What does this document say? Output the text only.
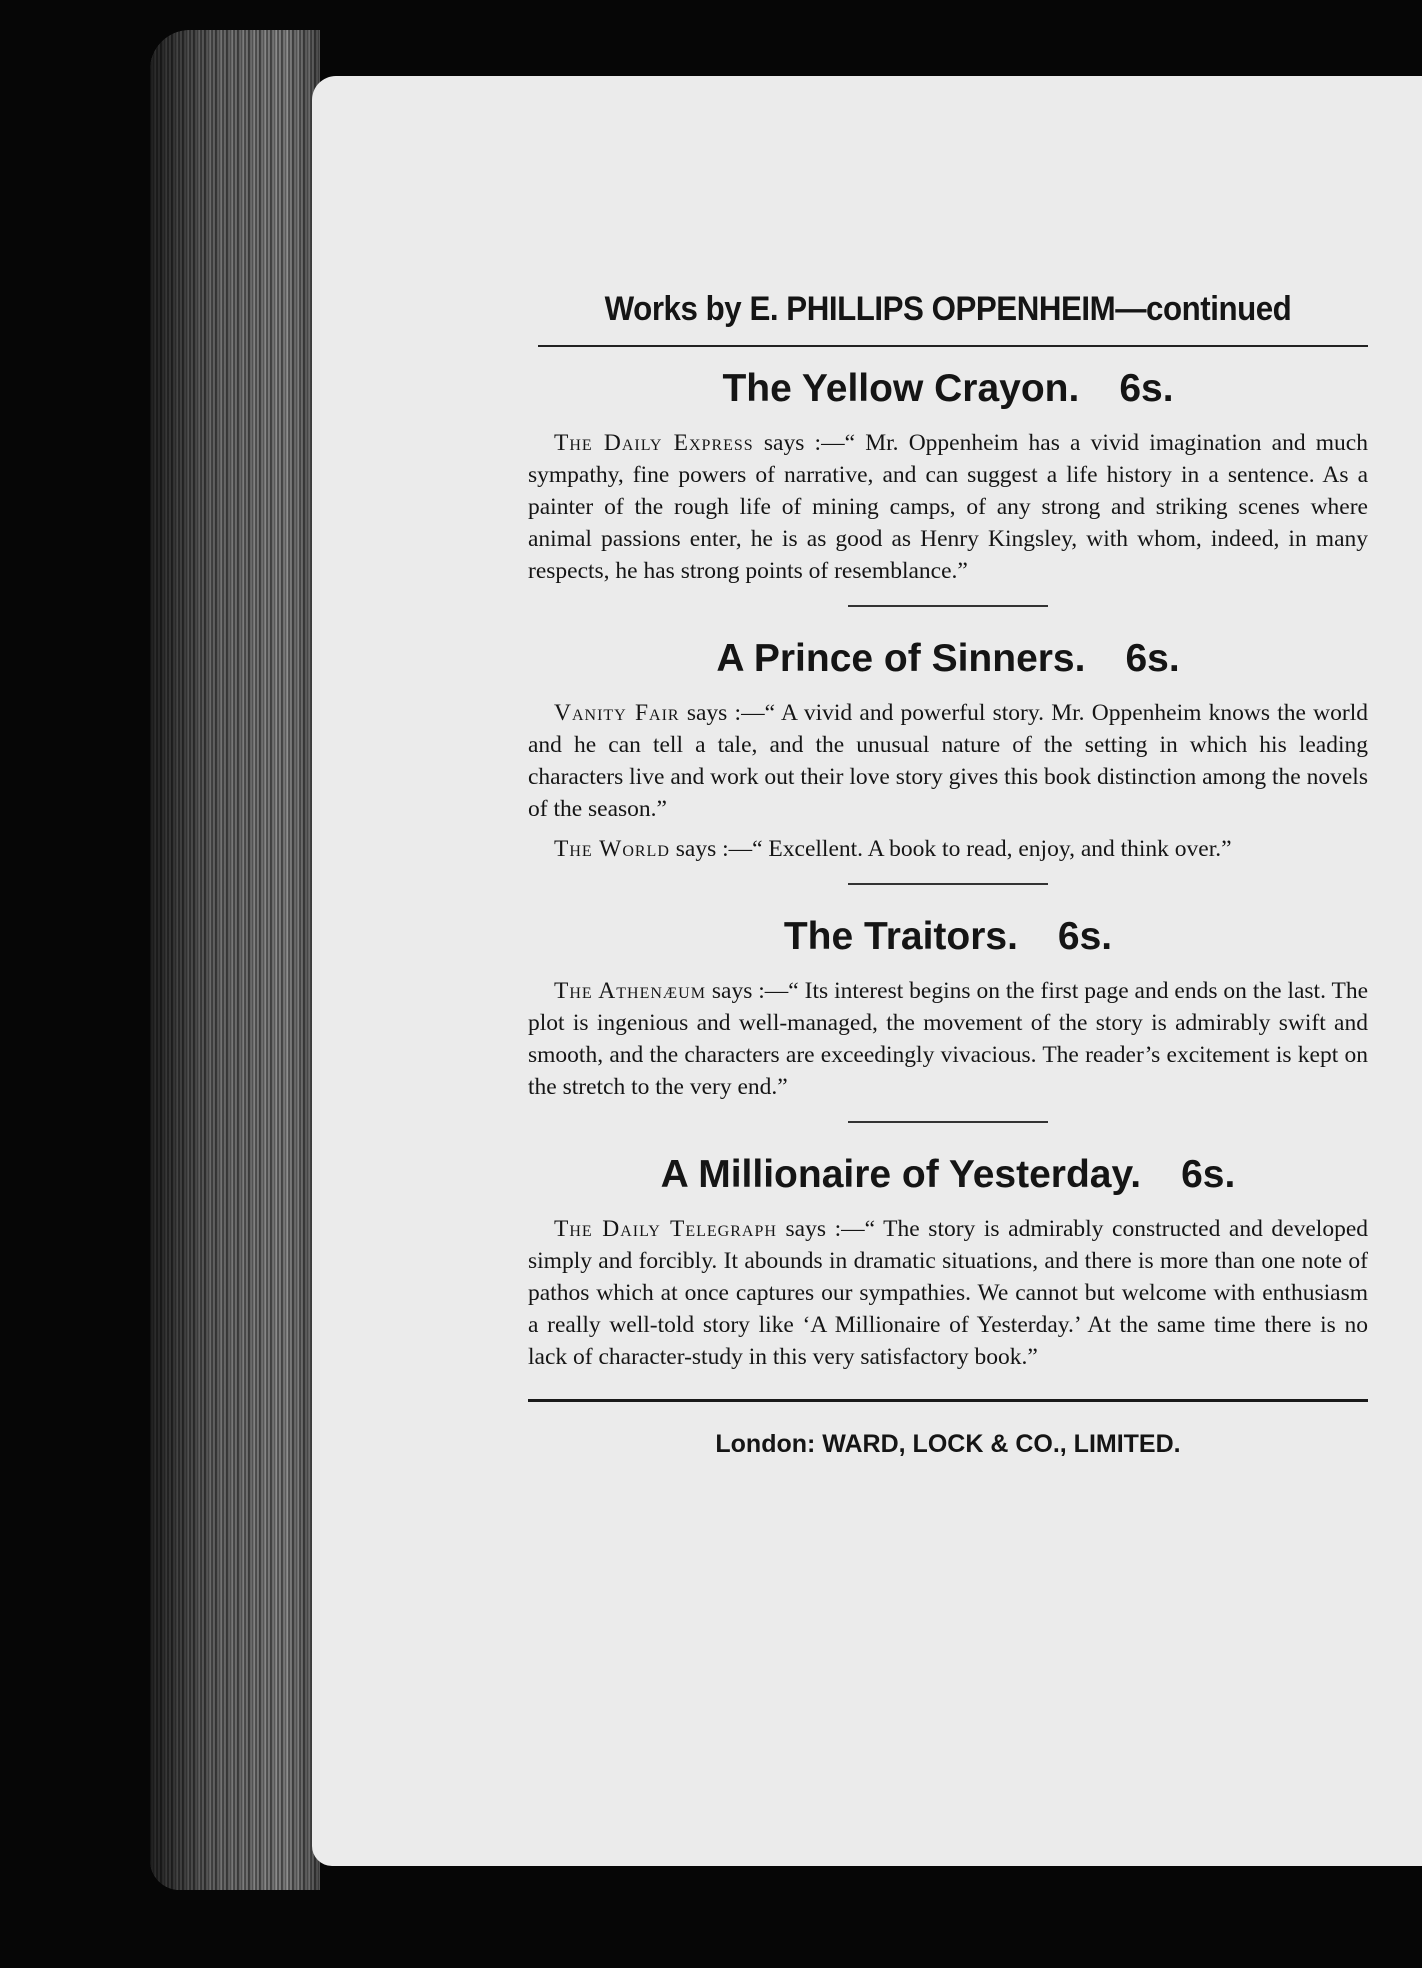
Works by E. PHILLIPS OPPENHEIM—continued
The Yellow Crayon. 6s.

The Daily Express says :—“ Mr. Oppenheim has a vivid imagination and much sympathy, fine powers of narrative, and can suggest a life history in a sentence. As a painter of the rough life of mining camps, of any strong and striking scenes where animal passions enter, he is as good as Henry Kingsley, with whom, indeed, in many respects, he has strong points of resemblance.”

A Prince of Sinners. 6s.

Vanity Fair says :—“ A vivid and powerful story. Mr. Oppenheim knows the world and he can tell a tale, and the unusual nature of the setting in which his leading characters live and work out their love story gives this book distinction among the novels of the season.”

The World says :—“ Excellent. A book to read, enjoy, and think over.”

The Traitors. 6s.

The Athenæum says :—“ Its interest begins on the first page and ends on the last. The plot is ingenious and well-managed, the movement of the story is admirably swift and smooth, and the characters are exceedingly vivacious. The reader’s excitement is kept on the stretch to the very end.”

A Millionaire of Yesterday. 6s.

The Daily Telegraph says :—“ The story is admirably constructed and developed simply and forcibly. It abounds in dramatic situations, and there is more than one note of pathos which at once captures our sympathies. We cannot but welcome with enthusiasm a really well-told story like ‘A Millionaire of Yesterday.’ At the same time there is no lack of character-study in this very satisfactory book.”

London: WARD, LOCK & CO., LIMITED.
